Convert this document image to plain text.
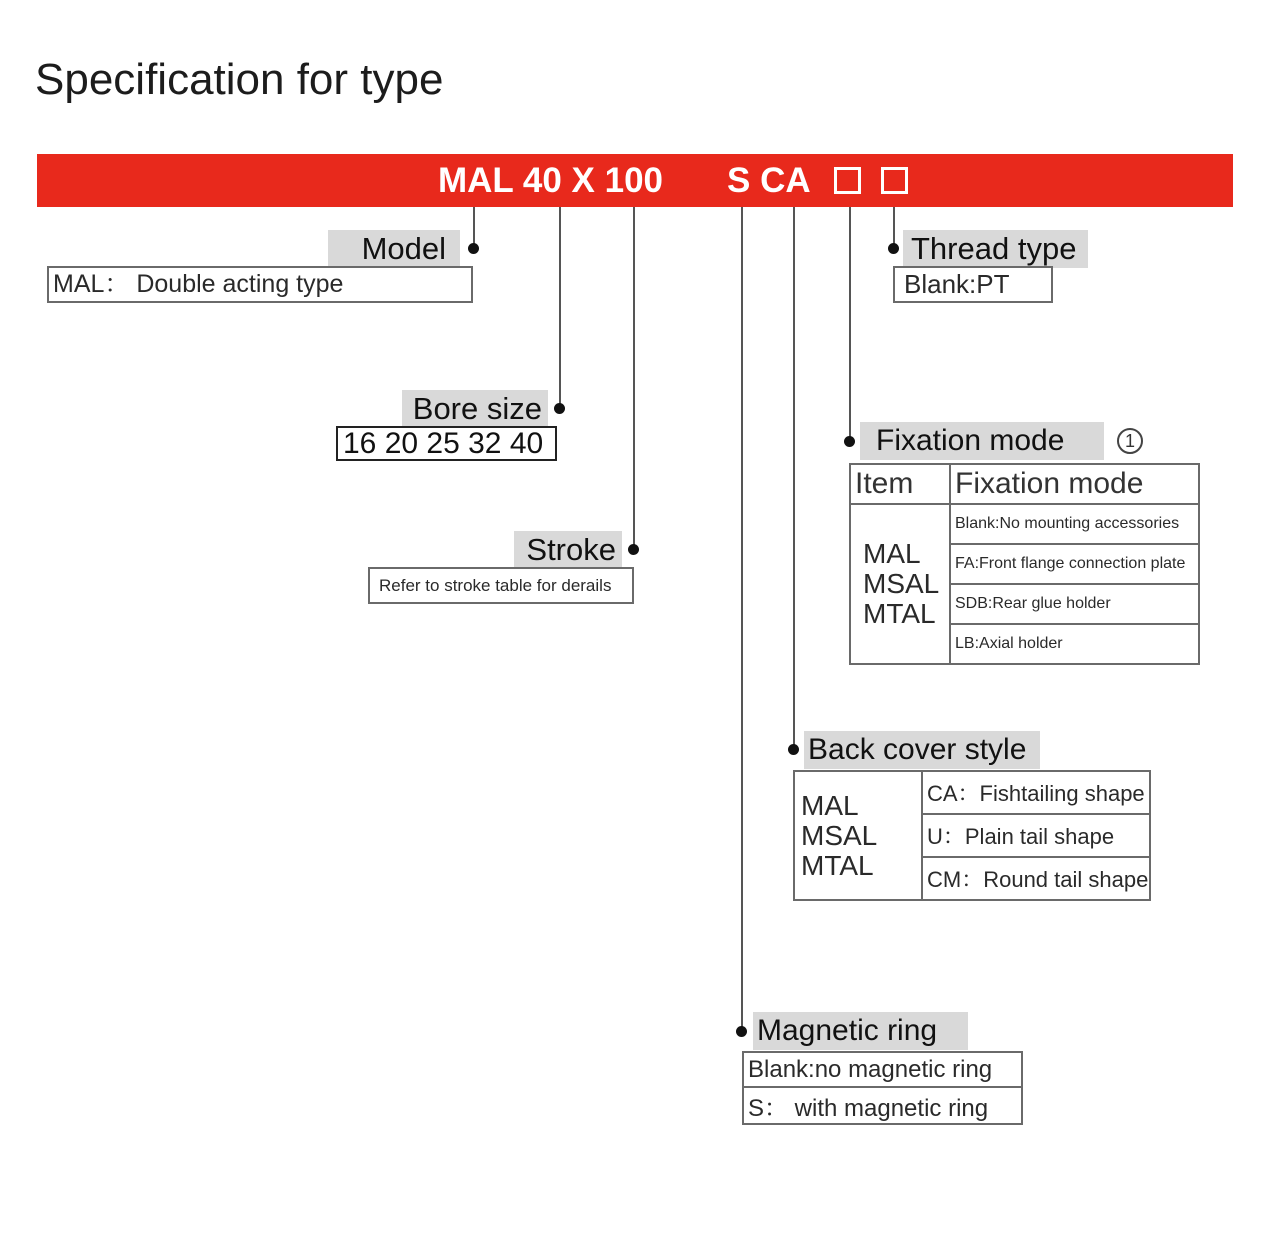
Specification for type
MAL 40 X 100 S CA
Model
MAL： Double acting type
Bore size
16 20 25 32 40
Stroke
Refer to stroke table for derails
Thread type
Blank:PT
Fixation mode	1
Item	Fixation mode

MAL
MSAL
MTAL	Blank:No mounting accessories
	FA:Front flange connection plate
	SDB:Rear glue holder
	LB:Axial holder
Back cover style
MAL
MSAL
MTAL
	CA：Fishtailing shape
U：Plain tail shape
CM：Round tail shape
Magnetic ring
Blank:no magnetic ring
S： with magnetic ring
